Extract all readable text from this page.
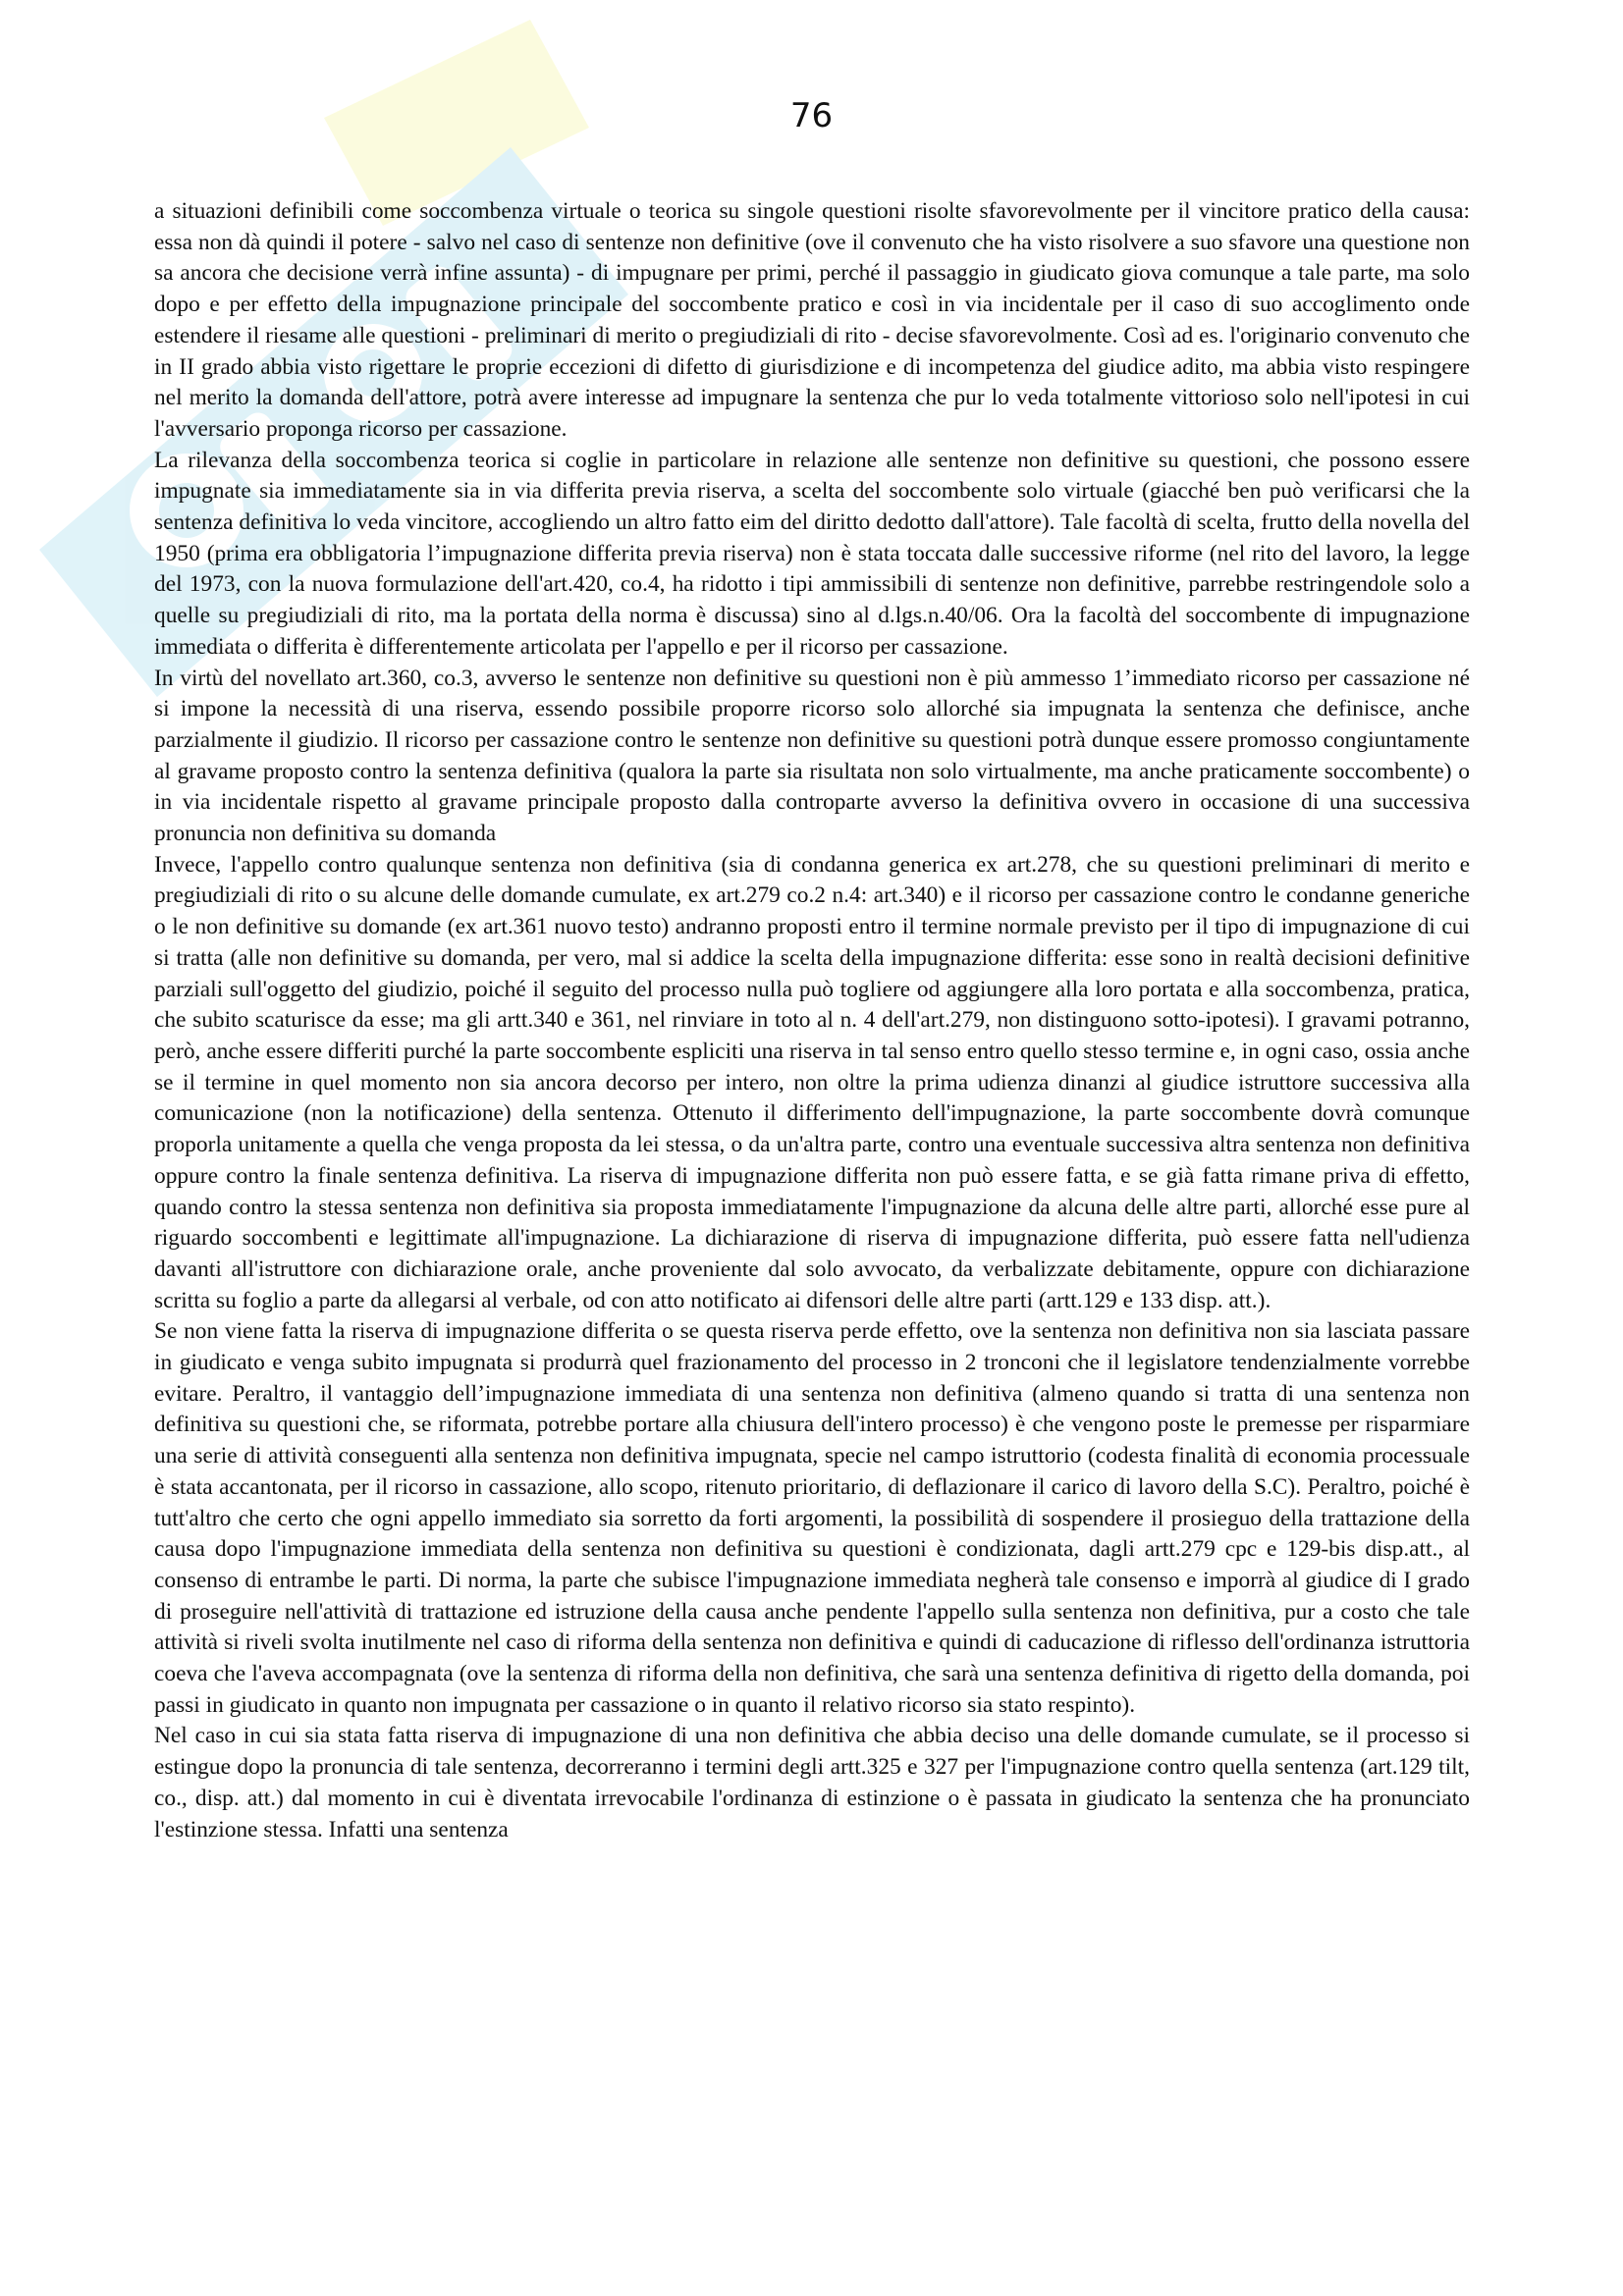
76

a situazioni definibili come soccombenza virtuale o teorica su singole questioni risolte sfavorevolmente per il vincitore pratico della causa: essa non dà quindi il potere - salvo nel caso di sentenze non definitive (ove il convenuto che ha visto risolvere a suo sfavore una questione non sa ancora che decisione verrà infine assunta) - di impugnare per primi, perché il passaggio in giudicato giova comunque a tale parte, ma solo dopo e per effetto della impugnazione principale del soccombente pratico e così in via incidentale per il caso di suo accoglimento onde estendere il riesame alle questioni - preliminari di merito o pregiudiziali di rito - decise sfavorevolmente. Così ad es. l'originario convenuto che in II grado abbia visto rigettare le proprie eccezioni di difetto di giurisdizione e di incompetenza del giudice adito, ma abbia visto respingere nel merito la domanda dell'attore, potrà avere interesse ad impugnare la sentenza che pur lo veda totalmente vittorioso solo nell'ipotesi in cui l'avversario proponga ricorso per cassazione.

La rilevanza della soccombenza teorica si coglie in particolare in relazione alle sentenze non definitive su questioni, che possono essere impugnate sia immediatamente sia in via differita previa riserva, a scelta del soccombente solo virtuale (giacché ben può verificarsi che la sentenza definitiva lo veda vincitore, accogliendo un altro fatto eim del diritto dedotto dall'attore). Tale facoltà di scelta, frutto della novella del 1950 (prima era obbligatoria l’impugnazione differita previa riserva) non è stata toccata dalle successive riforme (nel rito del lavoro, la legge del 1973, con la nuova formulazione dell'art.420, co.4, ha ridotto i tipi ammissibili di sentenze non definitive, parrebbe restringendole solo a quelle su pregiudiziali di rito, ma la portata della norma è discussa) sino al d.lgs.n.40/06. Ora la facoltà del soccombente di impugnazione immediata o differita è differentemente articolata per l'appello e per il ricorso per cassazione.

In virtù del novellato art.360, co.3, avverso le sentenze non definitive su questioni non è più ammesso 1’immediato ricorso per cassazione né si impone la necessità di una riserva, essendo possibile proporre ricorso solo allorché sia impugnata la sentenza che definisce, anche parzialmente il giudizio. Il ricorso per cassazione contro le sentenze non definitive su questioni potrà dunque essere promosso congiuntamente al gravame proposto contro la sentenza definitiva (qualora la parte sia risultata non solo virtualmente, ma anche praticamente soccombente) o in via incidentale rispetto al gravame principale proposto dalla controparte avverso la definitiva ovvero in occasione di una successiva pronuncia non definitiva su domanda

Invece, l'appello contro qualunque sentenza non definitiva (sia di condanna generica ex art.278, che su questioni preliminari di merito e pregiudiziali di rito o su alcune delle domande cumulate, ex art.279 co.2 n.4: art.340) e il ricorso per cassazione contro le condanne generiche o le non definitive su domande (ex art.361 nuovo testo) andranno proposti entro il termine normale previsto per il tipo di impugnazione di cui si tratta (alle non definitive su domanda, per vero, mal si addice la scelta della impugnazione differita: esse sono in realtà decisioni definitive parziali sull'oggetto del giudizio, poiché il seguito del processo nulla può togliere od aggiungere alla loro portata e alla soccombenza, pratica, che subito scaturisce da esse; ma gli artt.340 e 361, nel rinviare in toto al n. 4 dell'art.279, non distinguono sotto-ipotesi). I gravami potranno, però, anche essere differiti purché la parte soccombente espliciti una riserva in tal senso entro quello stesso termine e, in ogni caso, ossia anche se il termine in quel momento non sia ancora decorso per intero, non oltre la prima udienza dinanzi al giudice istruttore successiva alla comunicazione (non la notificazione) della sentenza. Ottenuto il differimento dell'impugnazione, la parte soccombente dovrà comunque proporla unitamente a quella che venga proposta da lei stessa, o da un'altra parte, contro una eventuale successiva altra sentenza non definitiva oppure contro la finale sentenza definitiva. La riserva di impugnazione differita non può essere fatta, e se già fatta rimane priva di effetto, quando contro la stessa sentenza non definitiva sia proposta immediatamente l'impugnazione da alcuna delle altre parti, allorché esse pure al riguardo soccombenti e legittimate all'impugnazione. La dichiarazione di riserva di impugnazione differita, può essere fatta nell'udienza davanti all'istruttore con dichiarazione orale, anche proveniente dal solo avvocato, da verbalizzate debitamente, oppure con dichiarazione scritta su foglio a parte da allegarsi al verbale, od con atto notificato ai difensori delle altre parti (artt.129 e 133 disp. att.).

Se non viene fatta la riserva di impugnazione differita o se questa riserva perde effetto, ove la sentenza non definitiva non sia lasciata passare in giudicato e venga subito impugnata si produrrà quel frazionamento del processo in 2 tronconi che il legislatore tendenzialmente vorrebbe evitare. Peraltro, il vantaggio dell’impugnazione immediata di una sentenza non definitiva (almeno quando si tratta di una sentenza non definitiva su questioni che, se riformata, potrebbe portare alla chiusura dell'intero processo) è che vengono poste le premesse per risparmiare una serie di attività conseguenti alla sentenza non definitiva impugnata, specie nel campo istruttorio (codesta finalità di economia processuale è stata accantonata, per il ricorso in cassazione, allo scopo, ritenuto prioritario, di deflazionare il carico di lavoro della S.C). Peraltro, poiché è tutt'altro che certo che ogni appello immediato sia sorretto da forti argomenti, la possibilità di sospendere il prosieguo della trattazione della causa dopo l'impugnazione immediata della sentenza non definitiva su questioni è condizionata, dagli artt.279 cpc e 129-bis disp.att., al consenso di entrambe le parti. Di norma, la parte che subisce l'impugnazione immediata negherà tale consenso e imporrà al giudice di I grado di proseguire nell'attività di trattazione ed istruzione della causa anche pendente l'appello sulla sentenza non definitiva, pur a costo che tale attività si riveli svolta inutilmente nel caso di riforma della sentenza non definitiva e quindi di caducazione di riflesso dell'ordinanza istruttoria coeva che l'aveva accompagnata (ove la sentenza di riforma della non definitiva, che sarà una sentenza definitiva di rigetto della domanda, poi passi in giudicato in quanto non impugnata per cassazione o in quanto il relativo ricorso sia stato respinto).

Nel caso in cui sia stata fatta riserva di impugnazione di una non definitiva che abbia deciso una delle domande cumulate, se il processo si estingue dopo la pronuncia di tale sentenza, decorreranno i termini degli artt.325 e 327 per l'impugnazione contro quella sentenza (art.129 tilt, co., disp. att.) dal momento in cui è diventata irrevocabile l'ordinanza di estinzione o è passata in giudicato la sentenza che ha pronunciato l'estinzione stessa. Infatti una sentenza
